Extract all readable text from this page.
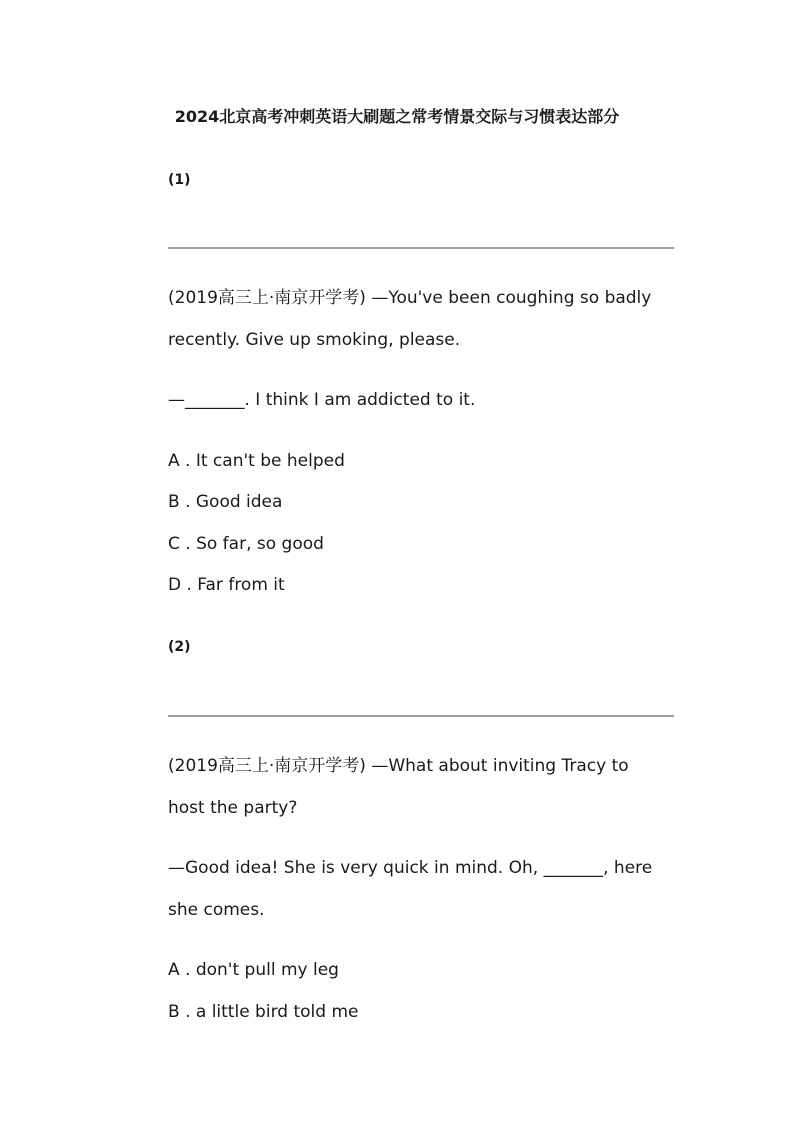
2024北京高考冲刺英语大刷题之常考情景交际与习惯表达部分
(1)
(2019高三上·南京开学考) —You've been coughing so badly
recently. Give up smoking, please.
—_______. I think I am addicted to it.
A . It can't be helped
B . Good idea
C . So far, so good
D . Far from it
(2)
(2019高三上·南京开学考) —What about inviting Tracy to
host the party?
—Good idea! She is very quick in mind. Oh, _______, here
she comes.
A . don't pull my leg
B . a little bird told me
